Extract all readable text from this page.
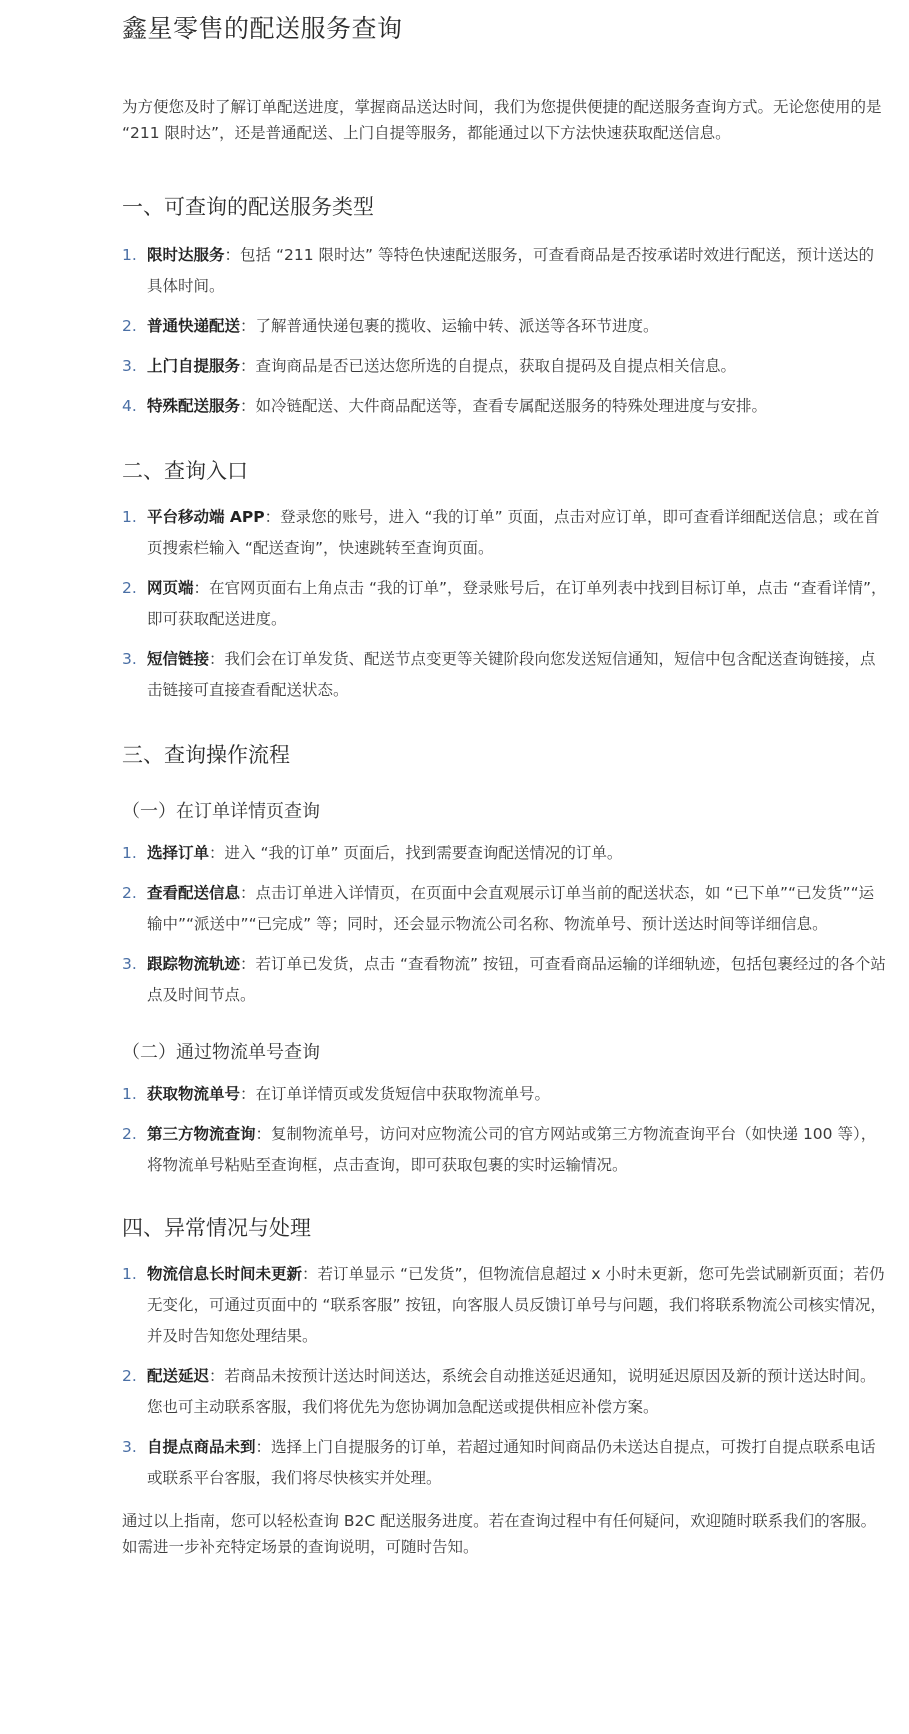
鑫星零售的配送服务查询

为方便您及时了解订单配送进度，掌握商品送达时间，我们为您提供便捷的配送服务查询方式。无论您使用的是 “211 限时达”，还是普通配送、上门自提等服务，都能通过以下方法快速获取配送信息。

一、可查询的配送服务类型
1. 限时达服务：包括 “211 限时达” 等特色快速配送服务，可查看商品是否按承诺时效进行配送，预计送达的具体时间。
2. 普通快递配送：了解普通快递包裹的揽收、运输中转、派送等各环节进度。
3. 上门自提服务：查询商品是否已送达您所选的自提点，获取自提码及自提点相关信息。
4. 特殊配送服务：如冷链配送、大件商品配送等，查看专属配送服务的特殊处理进度与安排。
二、查询入口
1. 平台移动端 APP：登录您的账号，进入 “我的订单” 页面，点击对应订单，即可查看详细配送信息；或在首页搜索栏输入 “配送查询”，快速跳转至查询页面。
2. 网页端：在官网页面右上角点击 “我的订单”，登录账号后，在订单列表中找到目标订单，点击 “查看详情”，即可获取配送进度。
3. 短信链接：我们会在订单发货、配送节点变更等关键阶段向您发送短信通知，短信中包含配送查询链接，点击链接可直接查看配送状态。
三、查询操作流程
（一）在订单详情页查询
1. 选择订单：进入 “我的订单” 页面后，找到需要查询配送情况的订单。
2. 查看配送信息：点击订单进入详情页，在页面中会直观展示订单当前的配送状态，如 “已下单”“已发货”“运输中”“派送中”“已完成” 等；同时，还会显示物流公司名称、物流单号、预计送达时间等详细信息。
3. 跟踪物流轨迹：若订单已发货，点击 “查看物流” 按钮，可查看商品运输的详细轨迹，包括包裹经过的各个站点及时间节点。
（二）通过物流单号查询
1. 获取物流单号：在订单详情页或发货短信中获取物流单号。
2. 第三方物流查询：复制物流单号，访问对应物流公司的官方网站或第三方物流查询平台（如快递 100 等），将物流单号粘贴至查询框，点击查询，即可获取包裹的实时运输情况。
四、异常情况与处理
1. 物流信息长时间未更新：若订单显示 “已发货”，但物流信息超过 x 小时未更新，您可先尝试刷新页面；若仍无变化，可通过页面中的 “联系客服” 按钮，向客服人员反馈订单号与问题，我们将联系物流公司核实情况，并及时告知您处理结果。
2. 配送延迟：若商品未按预计送达时间送达，系统会自动推送延迟通知，说明延迟原因及新的预计送达时间。您也可主动联系客服，我们将优先为您协调加急配送或提供相应补偿方案。
3. 自提点商品未到：选择上门自提服务的订单，若超过通知时间商品仍未送达自提点，可拨打自提点联系电话或联系平台客服，我们将尽快核实并处理。

通过以上指南，您可以轻松查询 B2C 配送服务进度。若在查询过程中有任何疑问，欢迎随时联系我们的客服。如需进一步补充特定场景的查询说明，可随时告知。
